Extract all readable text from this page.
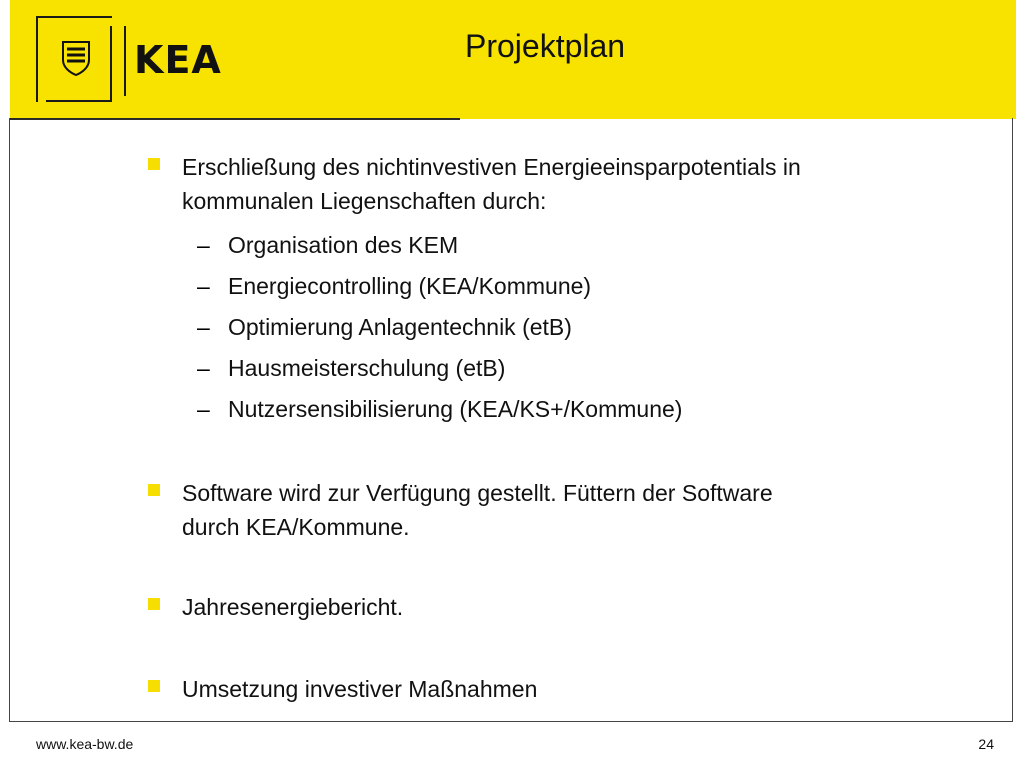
KEA	Projektplan
Erschließung des nichtinvestiven Energieeinsparpotentials in
kommunalen Liegenschaften durch:
– Organisation des KEM
– Energiecontrolling (KEA/Kommune)
– Optimierung Anlagentechnik (etB)
– Hausmeisterschulung (etB)
– Nutzersensibilisierung (KEA/KS+/Kommune)
Software wird zur Verfügung gestellt. Füttern der Software
durch KEA/Kommune.
Jahresenergiebericht.
Umsetzung investiver Maßnahmen
www.kea-bw.de	24
